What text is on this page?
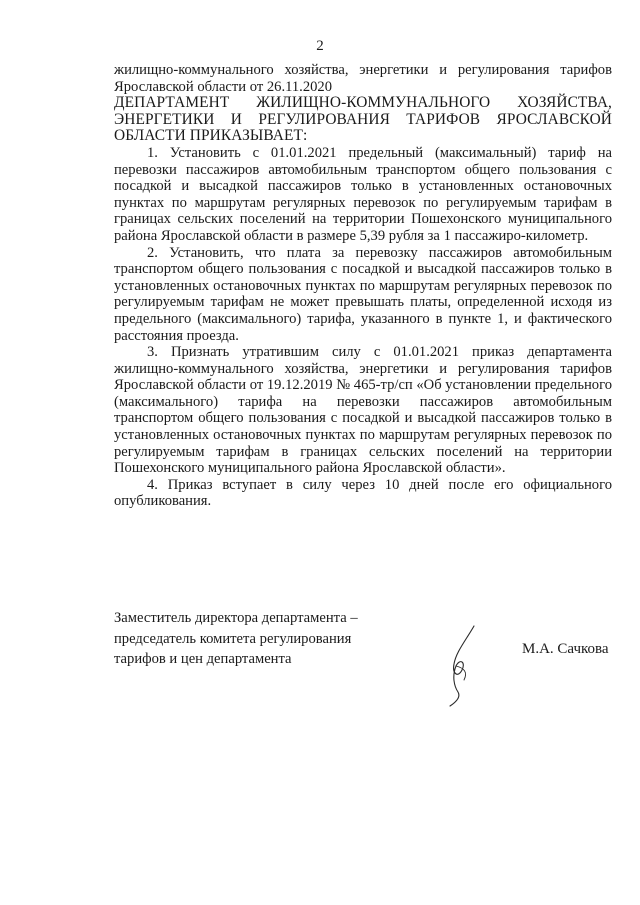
2

жилищно-коммунального хозяйства, энергетики и регулирования тарифов Ярославской области от 26.11.2020

ДЕПАРТАМЕНТ ЖИЛИЩНО-КОММУНАЛЬНОГО ХОЗЯЙСТВА, ЭНЕРГЕТИКИ И РЕГУЛИРОВАНИЯ ТАРИФОВ ЯРОСЛАВСКОЙ ОБЛАСТИ ПРИКАЗЫВАЕТ:

1. Установить с 01.01.2021 предельный (максимальный) тариф на перевозки пассажиров автомобильным транспортом общего пользования с посадкой и высадкой пассажиров только в установленных остановочных пунктах по маршрутам регулярных перевозок по регулируемым тарифам в границах сельских поселений на территории Пошехонского муниципального района Ярославской области в размере 5,39 рубля за 1 пассажиро-километр.

2. Установить, что плата за перевозку пассажиров автомобильным транспортом общего пользования с посадкой и высадкой пассажиров только в установленных остановочных пунктах по маршрутам регулярных перевозок по регулируемым тарифам не может превышать платы, определенной исходя из предельного (максимального) тарифа, указанного в пункте 1, и фактического расстояния проезда.

3. Признать утратившим силу с 01.01.2021 приказ департамента жилищно-коммунального хозяйства, энергетики и регулирования тарифов Ярославской области от 19.12.2019 № 465-тр/сп «Об установлении предельного (максимального) тарифа на перевозки пассажиров автомобильным транспортом общего пользования с посадкой и высадкой пассажиров только в установленных остановочных пунктах по маршрутам регулярных перевозок по регулируемым тарифам в границах сельских поселений на территории Пошехонского муниципального района Ярославской области».

4. Приказ вступает в силу через 10 дней после его официального опубликования.

Заместитель директора департамента –
председатель комитета регулирования
тарифов и цен департамента
М.А. Сачкова
